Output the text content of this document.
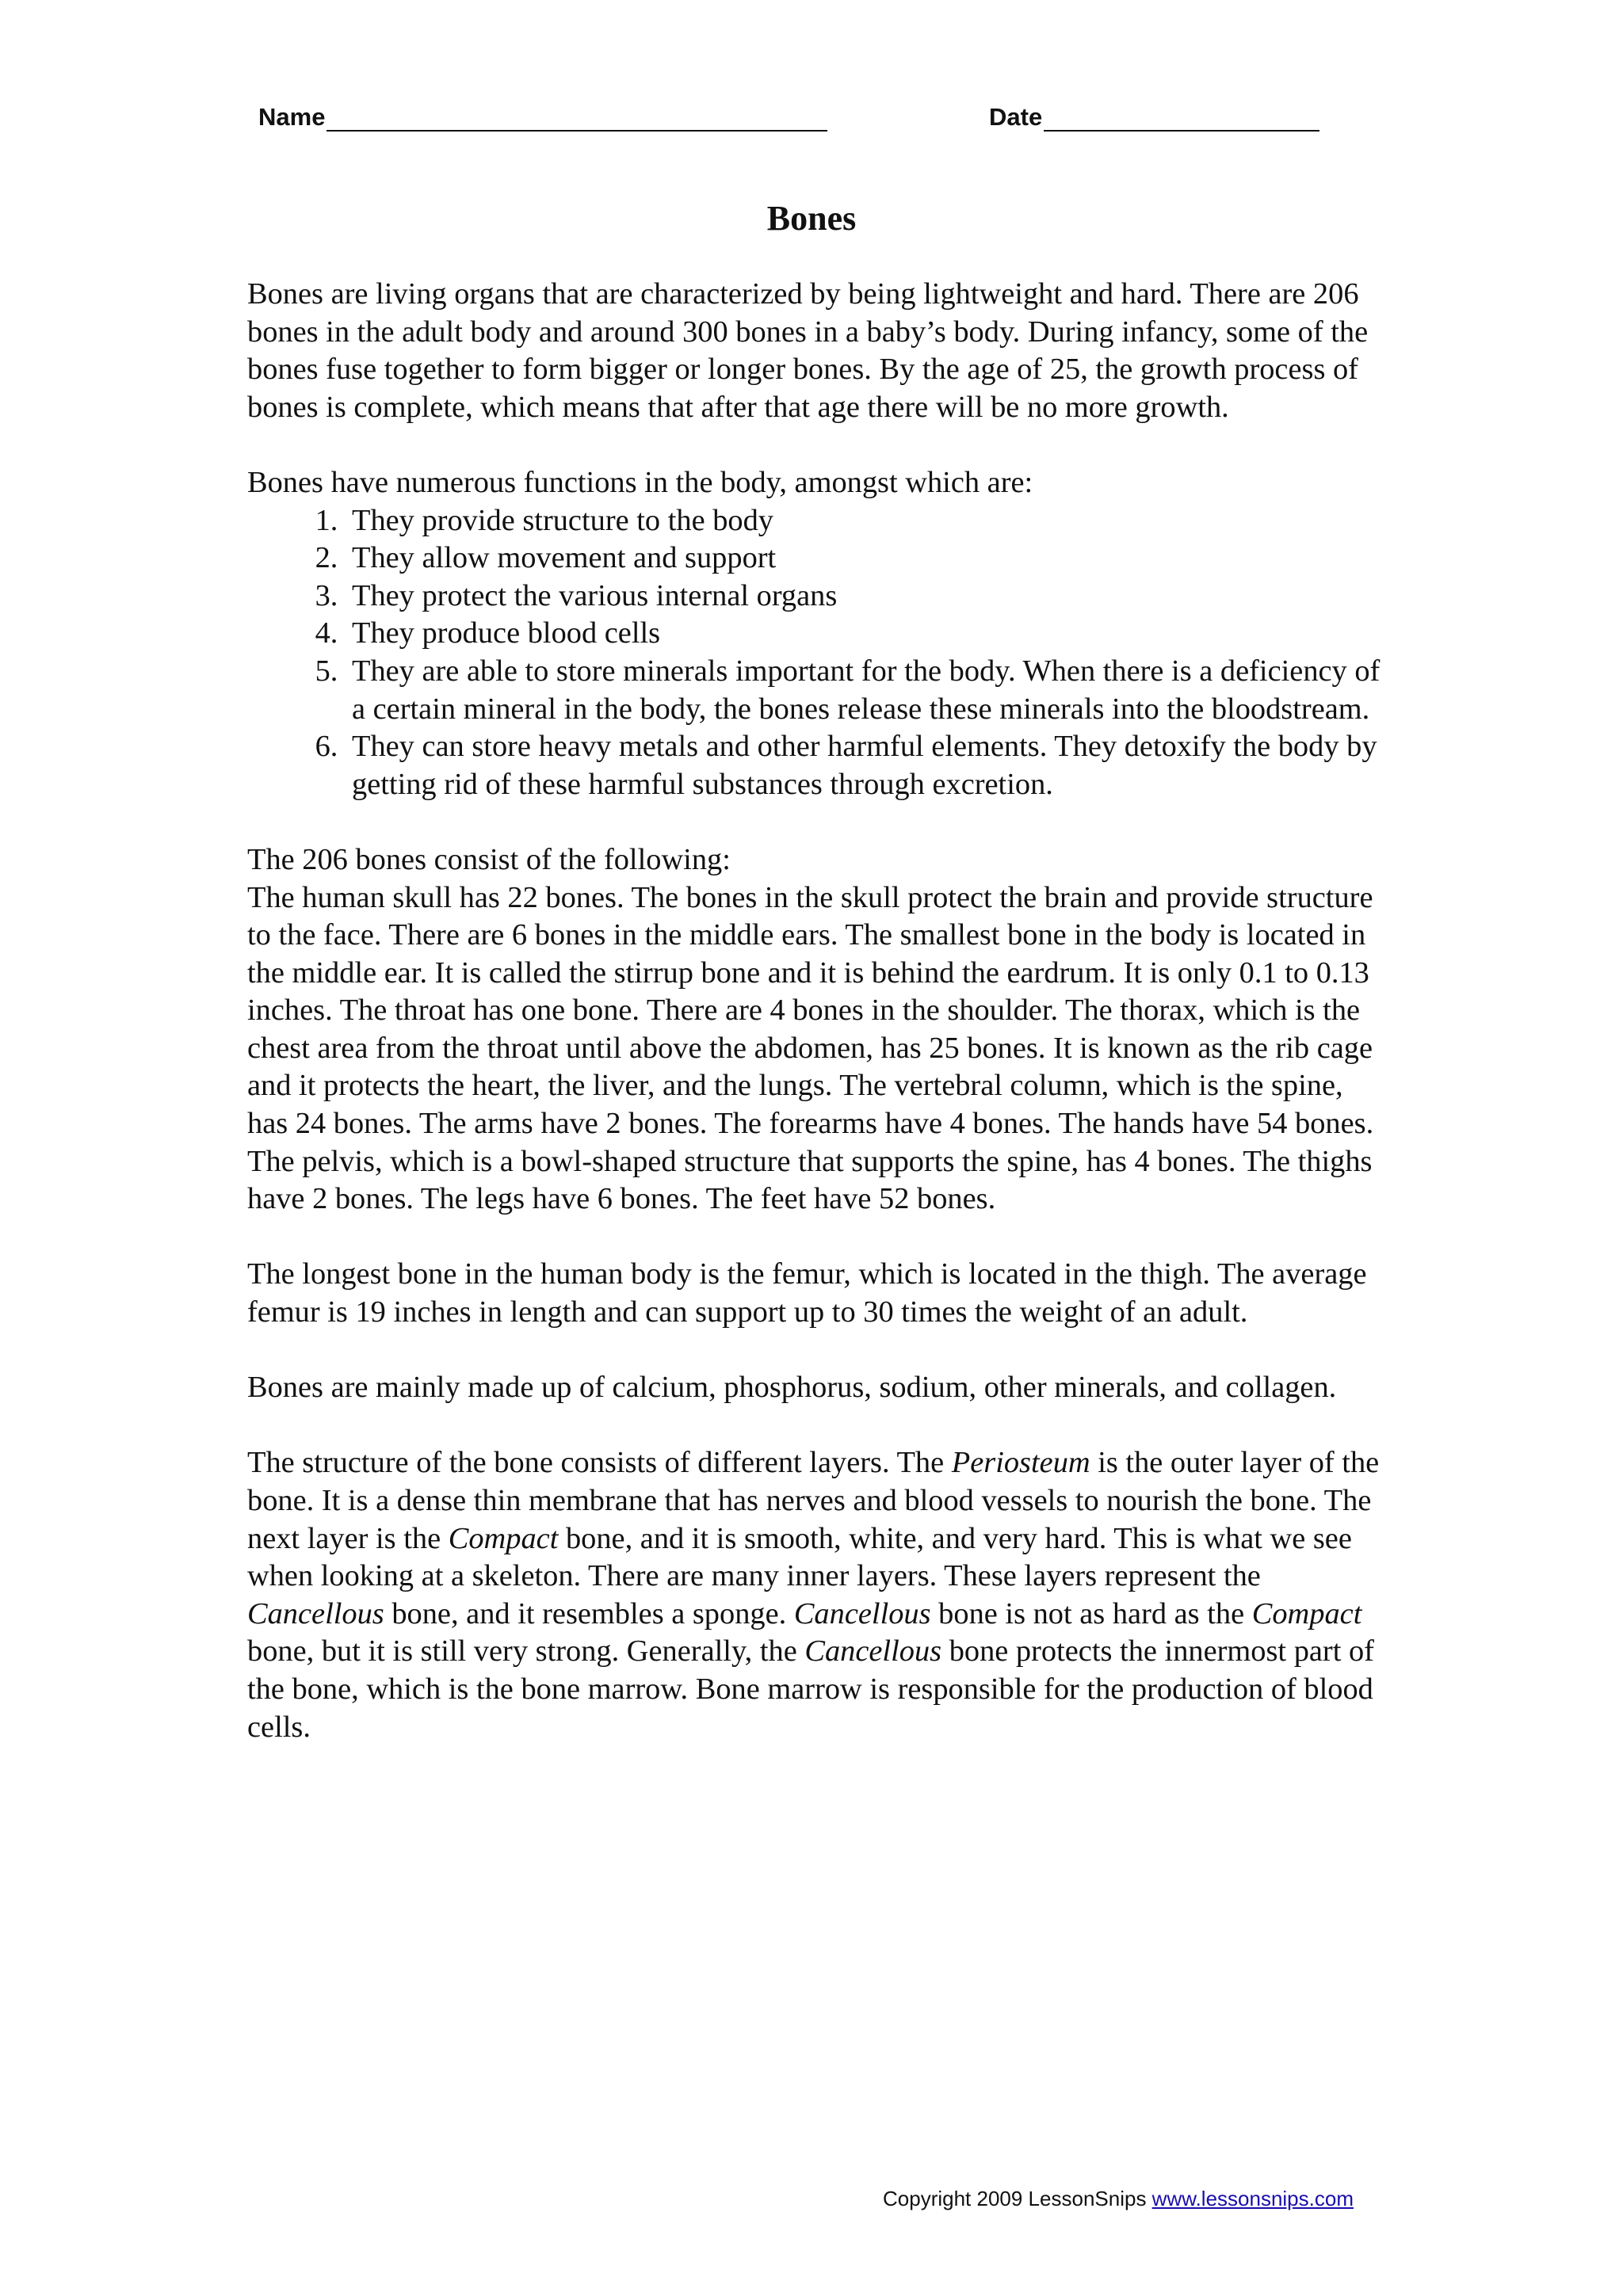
Name	Date
Bones

Bones are living organs that are characterized by being lightweight and hard. There are 206 bones in the adult body and around 300 bones in a baby’s body. During infancy, some of the bones fuse together to form bigger or longer bones. By the age of 25, the growth process of bones is complete, which means that after that age there will be no more growth.

Bones have numerous functions in the body, amongst which are:

1. They provide structure to the body
2. They allow movement and support
3. They protect the various internal organs
4. They produce blood cells
5. They are able to store minerals important for the body. When there is a deficiency of a certain mineral in the body, the bones release these minerals into the bloodstream.
6. They can store heavy metals and other harmful elements. They detoxify the body by getting rid of these harmful substances through excretion.

The 206 bones consist of the following:

The human skull has 22 bones. The bones in the skull protect the brain and provide structure to the face. There are 6 bones in the middle ears. The smallest bone in the body is located in the middle ear. It is called the stirrup bone and it is behind the eardrum. It is only 0.1 to 0.13 inches. The throat has one bone. There are 4 bones in the shoulder. The thorax, which is the chest area from the throat until above the abdomen, has 25 bones. It is known as the rib cage and it protects the heart, the liver, and the lungs. The vertebral column, which is the spine, has 24 bones. The arms have 2 bones. The forearms have 4 bones. The hands have 54 bones. The pelvis, which is a bowl-shaped structure that supports the spine, has 4 bones. The thighs have 2 bones. The legs have 6 bones. The feet have 52 bones.

The longest bone in the human body is the femur, which is located in the thigh. The average femur is 19 inches in length and can support up to 30 times the weight of an adult.

Bones are mainly made up of calcium, phosphorus, sodium, other minerals, and collagen.

The structure of the bone consists of different layers. The Periosteum is the outer layer of the bone. It is a dense thin membrane that has nerves and blood vessels to nourish the bone. The next layer is the Compact bone, and it is smooth, white, and very hard. This is what we see when looking at a skeleton. There are many inner layers. These layers represent the Cancellous bone, and it resembles a sponge. Cancellous bone is not as hard as the Compact bone, but it is still very strong. Generally, the Cancellous bone protects the innermost part of the bone, which is the bone marrow. Bone marrow is responsible for the production of blood cells.

Copyright 2009 LessonSnips www.lessonsnips.com
